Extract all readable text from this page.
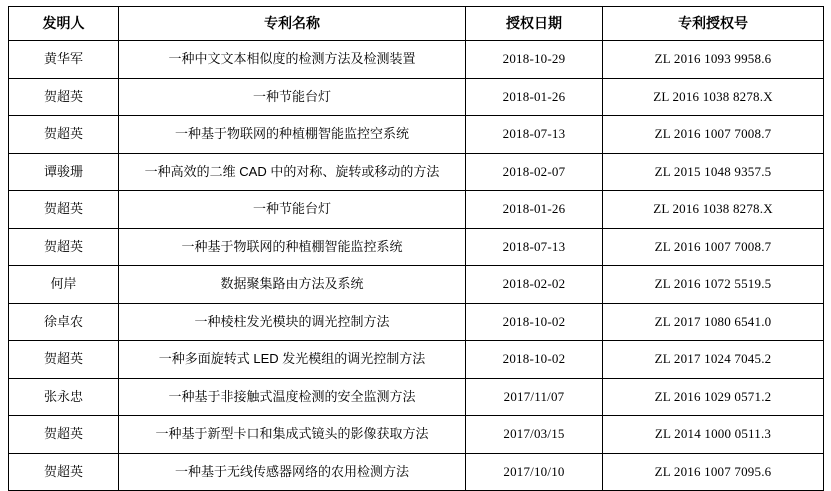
发明人	专利名称	授权日期	专利授权号
黄华军	一种中文文本相似度的检测方法及检测装置	2018-10-29	ZL 2016 1093 9958.6
贺超英	一种节能台灯	2018-01-26	ZL 2016 1038 8278.X
贺超英	一种基于物联网的种植棚智能监控空系统	2018-07-13	ZL 2016 1007 7008.7
谭骏珊	一种高效的二维 CAD 中的对称、旋转或移动的方法	2018-02-07	ZL 2015 1048 9357.5
贺超英	一种节能台灯	2018-01-26	ZL 2016 1038 8278.X
贺超英	一种基于物联网的种植棚智能监控系统	2018-07-13	ZL 2016 1007 7008.7
何岸	数据聚集路由方法及系统	2018-02-02	ZL 2016 1072 5519.5
徐卓农	一种棱柱发光模块的调光控制方法	2018-10-02	ZL 2017 1080 6541.0
贺超英	一种多面旋转式 LED 发光模组的调光控制方法	2018-10-02	ZL 2017 1024 7045.2
张永忠	一种基于非接触式温度检测的安全监测方法	2017/11/07	ZL 2016 1029 0571.2
贺超英	一种基于新型卡口和集成式镜头的影像获取方法	2017/03/15	ZL 2014 1000 0511.3
贺超英	一种基于无线传感器网络的农用检测方法	2017/10/10	ZL 2016 1007 7095.6
